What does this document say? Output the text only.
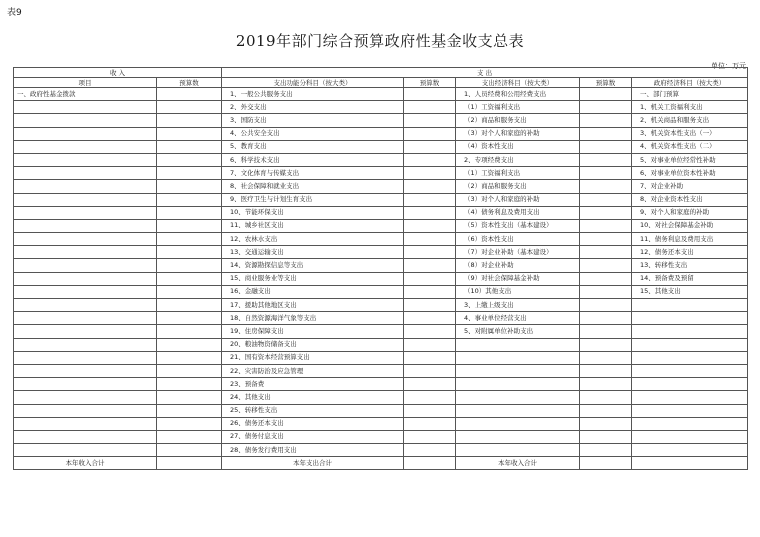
表9
2019年部门综合预算政府性基金收支总表
单位：万元
收 入		支 出				
项目	预算数	支出功能分科目（按大类）	预算数	支出经济科目（按大类）	预算数	政府经济科目（按大类）
一、政府性基金拨款		1、一般公共服务支出		1、人员经费和公用经费支出		一、部门预算
		2、外交支出		（1）工资福利支出		1、机关工资福利支出
		3、国防支出		（2）商品和服务支出		2、机关商品和服务支出
		4、公共安全支出		（3）对个人和家庭的补助		3、机关资本性支出（一）
		5、教育支出		（4）资本性支出		4、机关资本性支出（二）
		6、科学技术支出		2、专项经费支出		5、对事业单位经常性补助
		7、文化体育与传媒支出		（1）工资福利支出		6、对事业单位资本性补助
		8、社会保障和就业支出		（2）商品和服务支出		7、对企业补助
		9、医疗卫生与计划生育支出		（3）对个人和家庭的补助		8、对企业资本性支出
		10、节能环保支出		（4）债务利息及费用支出		9、对个人和家庭的补助
		11、城乡社区支出		（5）资本性支出（基本建设）		10、对社会保障基金补助
		12、农林水支出		（6）资本性支出		11、债务利息及费用支出
		13、交通运输支出		（7）对企业补助（基本建设）		12、债务还本支出
		14、资源勘探信息等支出		（8）对企业补助		13、转移性支出
		15、商业服务业等支出		（9）对社会保障基金补助		14、预备费及预留
		16、金融支出		（10）其他支出		15、其他支出
		17、援助其他地区支出		3、上缴上级支出		
		18、自然资源海洋气象等支出		4、事业单位经营支出		
		19、住房保障支出		5、对附属单位补助支出		
		20、粮油物资储备支出				
		21、国有资本经营预算支出				
		22、灾害防治及应急管理				
		23、预备费				
		24、其他支出				
		25、转移性支出				
		26、债务还本支出				
		27、债务付息支出				
		28、债务发行费用支出				
本年收入合计		本年支出合计		本年收入合计		
